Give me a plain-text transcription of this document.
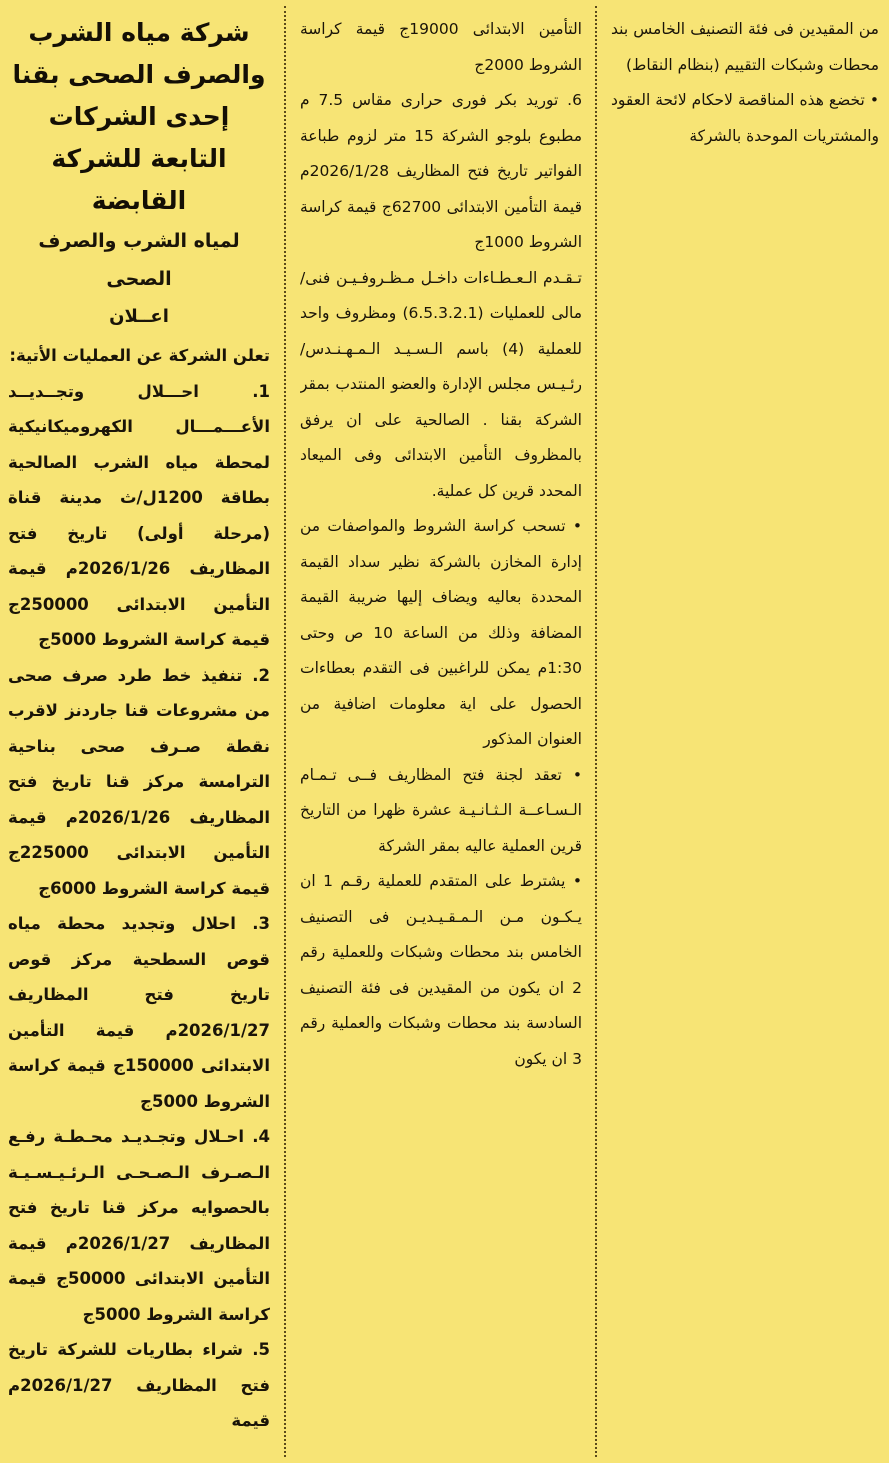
شركة مياه الشرب والصرف الصحى بقنا إحدى الشركات التابعة للشركة القابضة
لمياه الشرب والصرف الصحى
اعــلان

تعلن الشركة عن العمليات الأتية:

1. احـــلال وتجــديــد الأعـــمـــال الكهروميكانيكية لمحطة مياه الشرب الصالحية بطاقة 1200ل/ث مدينة قناة (مرحلة أولى) تاريخ فتح المظاريف 2026/1/26م قيمة التأمين الابتدائى 250000ج قيمة كراسة الشروط 5000ج

2. تنفيذ خط طرد صرف صحى من مشروعات قنا جاردنز لاقرب نقطة صـرف صحى بناحية الترامسة مركز قنا تاريخ فتح المظاريف 2026/1/26م قيمة التأمين الابتدائى 225000ج قيمة كراسة الشروط 6000ج

3. احلال وتجديد محطة مياه قوص السطحية مركز قوص تاريخ فتح المظاريف 2026/1/27م قيمة التأمين الابتدائى 150000ج قيمة كراسة الشروط 5000ج

4. احـلال وتجـديـد محـطـة رفـع الـصـرف الـصـحـى الـرئـيـسـيـة بالحصوايه مركز قنا تاريخ فتح المظاريف 2026/1/27م قيمة التأمين الابتدائى 50000ج قيمة كراسة الشروط 5000ج

5. شراء بطاريات للشركة تاريخ فتح المظاريف 2026/1/27م قيمة

التأمين الابتدائى 19000ج قيمة كراسة الشروط 2000ج

6. توريد بكر فورى حرارى مقاس 7.5 م مطبوع بلوجو الشركة 15 متر لزوم طباعة الفواتير تاريخ فتح المظاريف 2026/1/28م قيمة التأمين الابتدائى 62700ج قيمة كراسة الشروط 1000ج

تـقـدم الـعـطـاءات داخـل مـظـروفـيـن فنى/ مالى للعمليات (6.5.3.2.1) ومظروف واحد للعملية (4) باسم الـسـيـد الـمـهـنـدس/ رئـيـس مجلس الإدارة والعضو المنتدب بمقر الشركة بقنا . الصالحية على ان يرفق بالمظروف التأمين الابتدائى وفى الميعاد المحدد قرين كل عملية.

• تسحب كراسة الشروط والمواصفات من إدارة المخازن بالشركة نظير سداد القيمة المحددة بعاليه ويضاف إليها ضريبة القيمة المضافة وذلك من الساعة 10 ص وحتى 1:30م يمكن للراغبين فى التقدم بعطاءات الحصول على اية معلومات اضافية من العنوان المذكور

• تعقد لجنة فتح المظاريف فــى تـمـام الـسـاعــة الـثـانـيـة عشرة ظهرا من التاريخ قرين العملية عاليه بمقر الشركة

• يشترط على المتقدم للعملية رقـم 1 ان يـكـون مـن الـمـقـيـديـن فى التصنيف الخامس بند محطات وشبكات وللعملية رقم 2 ان يكون من المقيدين فى فئة التصنيف السادسة بند محطات وشبكات والعملية رقم 3 ان يكون

من المقيدين فى فئة التصنيف الخامس بند محطات وشبكات التقييم (بنظام النقاط)

• تخضع هذه المناقصة لاحكام لائحة العقود والمشتريات الموحدة بالشركة
